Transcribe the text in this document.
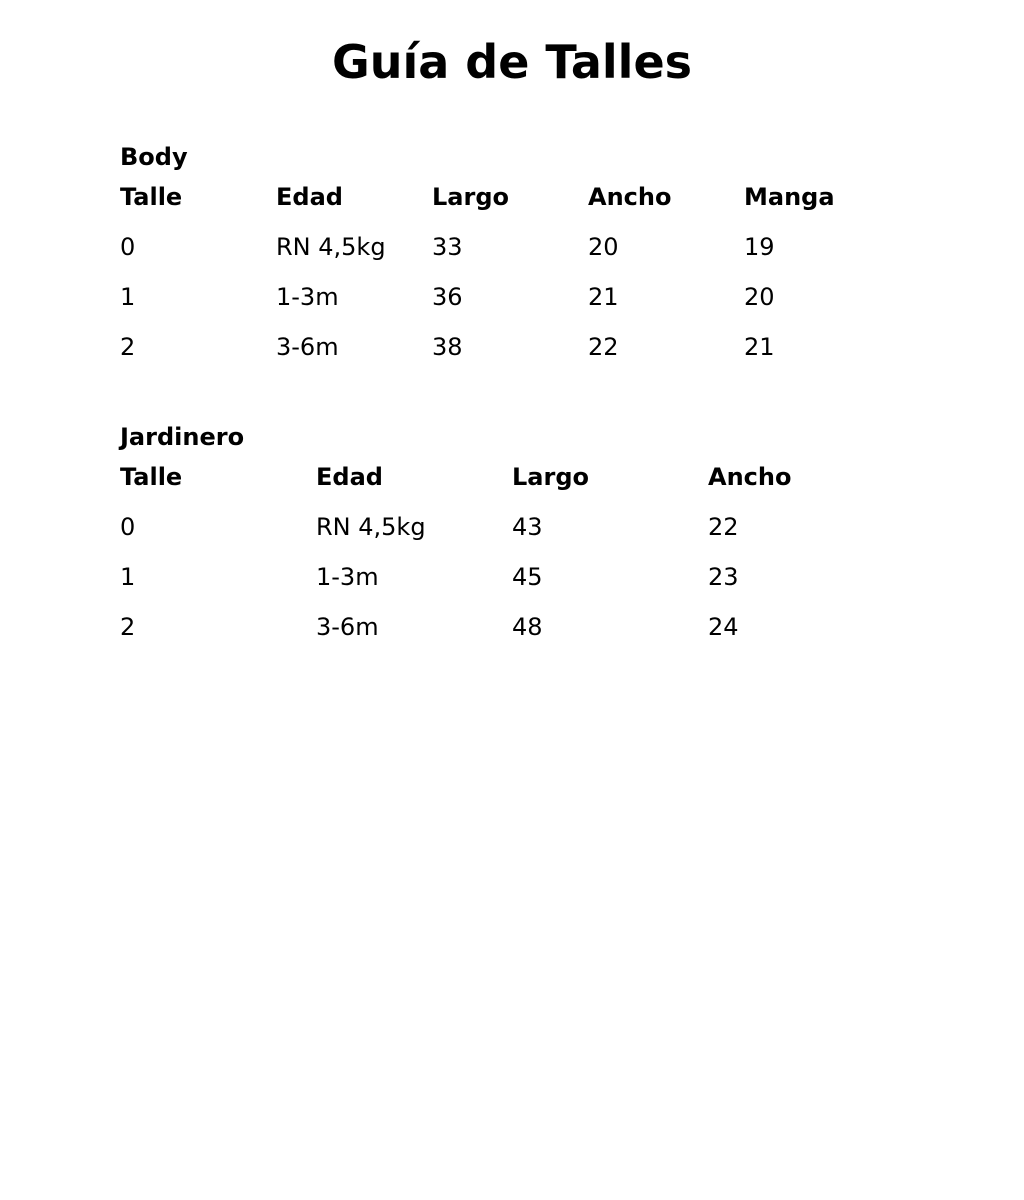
Guía de Talles
Body
Talle	Edad	Largo	Ancho	Manga
0	RN 4,5kg	33	20	19
1	1-3m	36	21	20
2	3-6m	38	22	21
Jardinero
Talle	Edad	Largo	Ancho
0	RN 4,5kg	43	22
1	1-3m	45	23
2	3-6m	48	24
